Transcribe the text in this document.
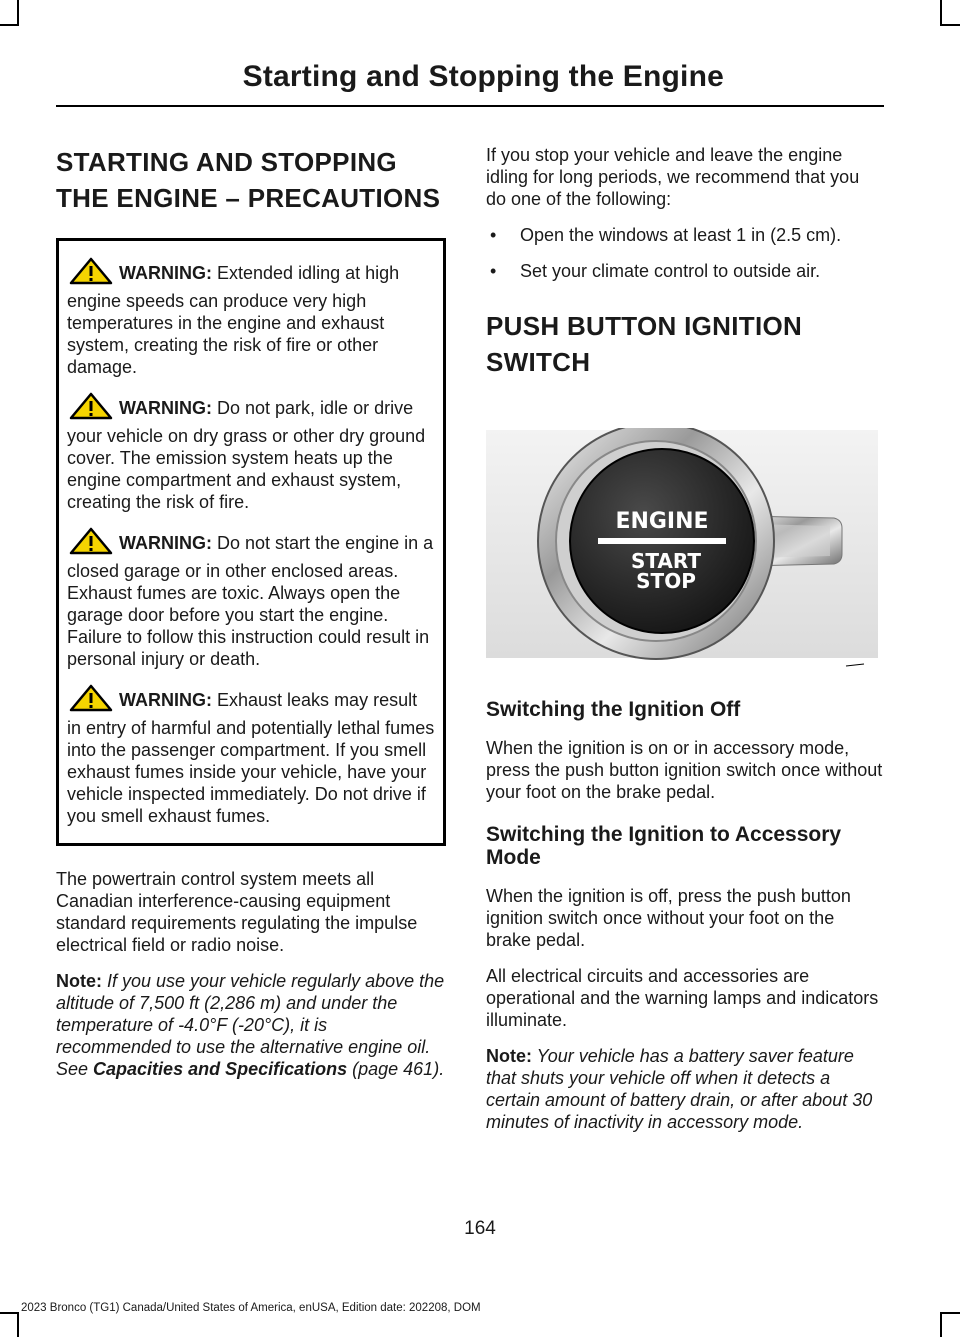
Starting and Stopping the Engine
STARTING AND STOPPING
THE ENGINE – PRECAUTIONS
WARNING: Extended idling at high engine speeds can produce very high temperatures in the engine and exhaust system, creating the risk of fire or other damage.
WARNING: Do not park, idle or drive your vehicle on dry grass or other dry ground cover. The emission system heats up the engine compartment and exhaust system, creating the risk of fire.
WARNING: Do not start the engine in a closed garage or in other enclosed areas. Exhaust fumes are toxic. Always open the garage door before you start the engine. Failure to follow this instruction could result in personal injury or death.
WARNING: Exhaust leaks may result in entry of harmful and potentially lethal fumes into the passenger compartment. If you smell exhaust fumes inside your vehicle, have your vehicle inspected immediately. Do not drive if you smell exhaust fumes.

The powertrain control system meets all Canadian interference-causing equipment standard requirements regulating the impulse electrical field or radio noise.

Note: If you use your vehicle regularly above the altitude of 7,500 ft (2,286 m) and under the temperature of -4.0°F (-20°C), it is recommended to use the alternative engine oil. See Capacities and Specifications (page 461).

If you stop your vehicle and leave the engine idling for long periods, we recommend that you do one of the following:

• Open the windows at least 1 in (2.5 cm).
• Set your climate control to outside air.
PUSH BUTTON IGNITION
SWITCH
ENGINE
START
STOP
Switching the Ignition Off

When the ignition is on or in accessory mode, press the push button ignition switch once without your foot on the brake pedal.

Switching the Ignition to Accessory Mode

When the ignition is off, press the push button ignition switch once without your foot on the brake pedal.

All electrical circuits and accessories are operational and the warning lamps and indicators illuminate.

Note: Your vehicle has a battery saver feature that shuts your vehicle off when it detects a certain amount of battery drain, or after about 30 minutes of inactivity in accessory mode.

164
2023 Bronco (TG1) Canada/United States of America, enUSA, Edition date: 202208, DOM
